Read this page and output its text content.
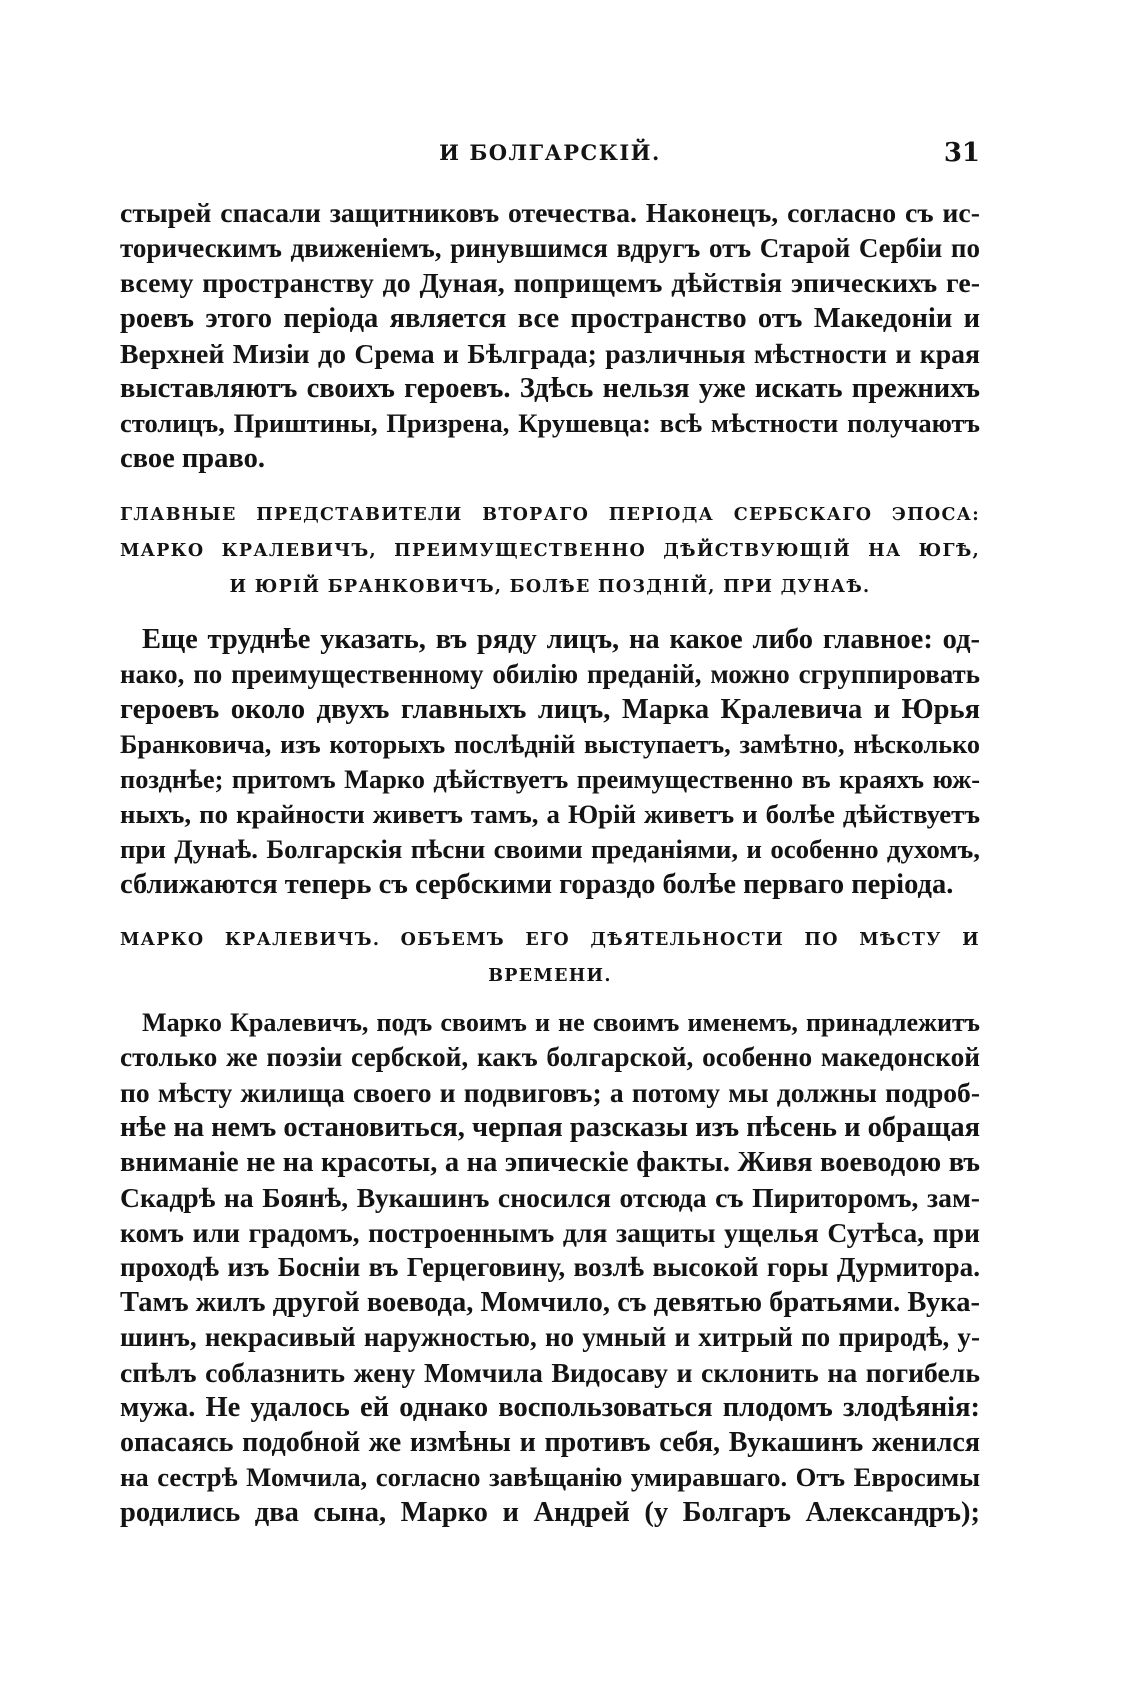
И БОЛГАРСКІЙ.	31
стырей спасали защитниковъ отечества. Наконецъ, согласно съ ис-
торическимъ движеніемъ, ринувшимся вдругъ отъ Старой Сербіи по
всему пространству до Дуная, поприщемъ дѣйствія эпическихъ ге-
роевъ этого періода является все пространство отъ Македоніи и
Верхней Мизіи до Срема и Бѣлграда; различныя мѣстности и края
выставляютъ своихъ героевъ. Здѣсь нельзя уже искать прежнихъ
столицъ, Приштины, Призрена, Крушевца: всѣ мѣстности получаютъ
свое право.
ГЛАВНЫЕ ПРЕДСТАВИТЕЛИ ВТОРАГО ПЕРІОДА СЕРБСКАГО ЭПОСА:
МАРКО КРАЛЕВИЧЪ, ПРЕИМУЩЕСТВЕННО ДѢЙСТВУЮЩІЙ НА ЮГѢ,
И ЮРІЙ БРАНКОВИЧЪ, БОЛѢЕ ПОЗДНІЙ, ПРИ ДУНАѢ.
Еще труднѣе указать, въ ряду лицъ, на какое либо главное: од-
нако, по преимущественному обилію преданій, можно сгруппировать
героевъ около двухъ главныхъ лицъ, Марка Кралевича и Юрья
Бранковича, изъ которыхъ послѣдній выступаетъ, замѣтно, нѣсколько
позднѣе; притомъ Марко дѣйствуетъ преимущественно въ краяхъ юж-
ныхъ, по крайности живетъ тамъ, а Юрій живетъ и болѣе дѣйствуетъ
при Дунаѣ. Болгарскія пѣсни своими преданіями, и особенно духомъ,
сближаются теперь съ сербскими гораздо болѣе перваго періода.
МАРКО КРАЛЕВИЧЪ. ОБЪЕМЪ ЕГО ДѢЯТЕЛЬНОСТИ ПО МѢСТУ И
ВРЕМЕНИ.
Марко Кралевичъ, подъ своимъ и не своимъ именемъ, принадлежитъ
столько же поэзіи сербской, какъ болгарской, особенно македонской
по мѣсту жилища своего и подвиговъ; а потому мы должны подроб-
нѣе на немъ остановиться, черпая разсказы изъ пѣсень и обращая
вниманіе не на красоты, а на эпическіе факты. Живя воеводою въ
Скадрѣ на Боянѣ, Вукашинъ сносился отсюда съ Пириторомъ, зам-
комъ или градомъ, построеннымъ для защиты ущелья Сутѣса, при
проходѣ изъ Босніи въ Герцеговину, возлѣ высокой горы Дурмитора.
Тамъ жилъ другой воевода, Момчило, съ девятью братьями. Вука-
шинъ, некрасивый наружностью, но умный и хитрый по природѣ, у-
спѣлъ соблазнить жену Момчила Видосаву и склонить на погибель
мужа. Не удалось ей однако воспользоваться плодомъ злодѣянія:
опасаясь подобной же измѣны и противъ себя, Вукашинъ женился
на сестрѣ Момчила, согласно завѣщанію умиравшаго. Отъ Евросимы
родились два сына, Марко и Андрей (у Болгаръ Александръ);
